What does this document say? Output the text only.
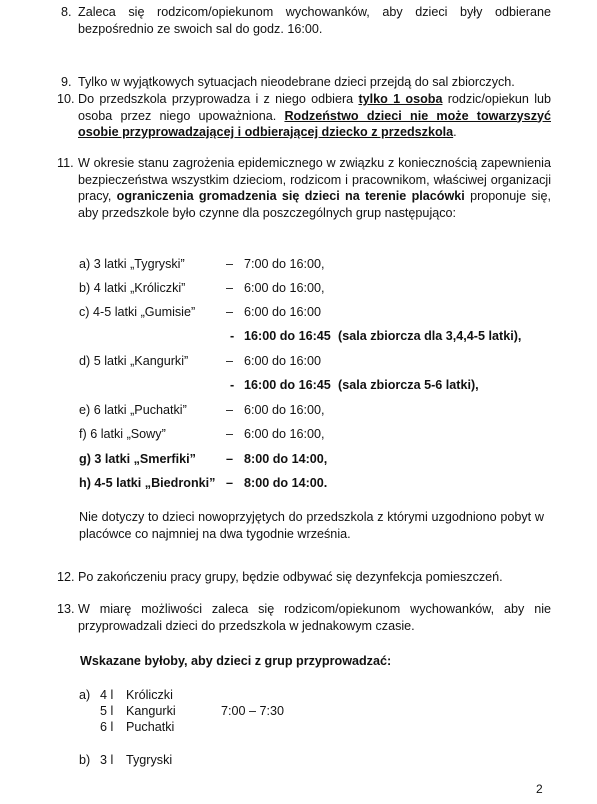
8. Zaleca się rodzicom/opiekunom wychowanków, aby dzieci były odbierane bezpośrednio ze swoich sal do godz. 16:00.
9. Tylko w wyjątkowych sytuacjach nieodebrane dzieci przejdą do sal zbiorczych.
10. Do przedszkola przyprowadza i z niego odbiera tylko 1 osoba rodzic/opiekun lub osoba przez niego upoważniona. Rodzeństwo dzieci nie może towarzyszyć osobie przyprowadzającej i odbierającej dziecko z przedszkola.
11. W okresie stanu zagrożenia epidemicznego w związku z koniecznością zapewnienia bezpieczeństwa wszystkim dzieciom, rodzicom i pracownikom, właściwej organizacji pracy, ograniczenia gromadzenia się dzieci na terenie placówki proponuje się, aby przedszkole było czynne dla poszczególnych grup następująco:
a) 3 latki „Tygryski”	– 7:00 do 16:00,
b) 4 latki „Króliczki”	– 6:00 do 16:00,
c) 4-5 latki „Gumisie” – 6:00 do 16:00
- 16:00 do 16:45 (sala zbiorcza dla 3,4,4-5 latki),
d) 5 latki „Kangurki”	– 6:00 do 16:00
- 16:00 do 16:45 (sala zbiorcza 5-6 latki),
e) 6 latki „Puchatki”	– 6:00 do 16:00,
f) 6 latki „Sowy”	– 6:00 do 16:00,
g) 3 latki „Smerfiki” – 8:00 do 14:00,
h) 4-5 latki „Biedronki” – 8:00 do 14:00.
Nie dotyczy to dzieci nowoprzyjętych do przedszkola z którymi uzgodniono pobyt w placówce co najmniej na dwa tygodnie września.
12. Po zakończeniu pracy grupy, będzie odbywać się dezynfekcja pomieszczeń.
13. W miarę możliwości zaleca się rodzicom/opiekunom wychowanków, aby nie przyprowadzali dzieci do przedszkola w jednakowym czasie.
Wskazane byłoby, aby dzieci z grup przyprowadzać:
a) 4 l Króliczki
5 l Kangurki	7:00 – 7:30
6 l Puchatki
b) 3 l Tygryski
2
